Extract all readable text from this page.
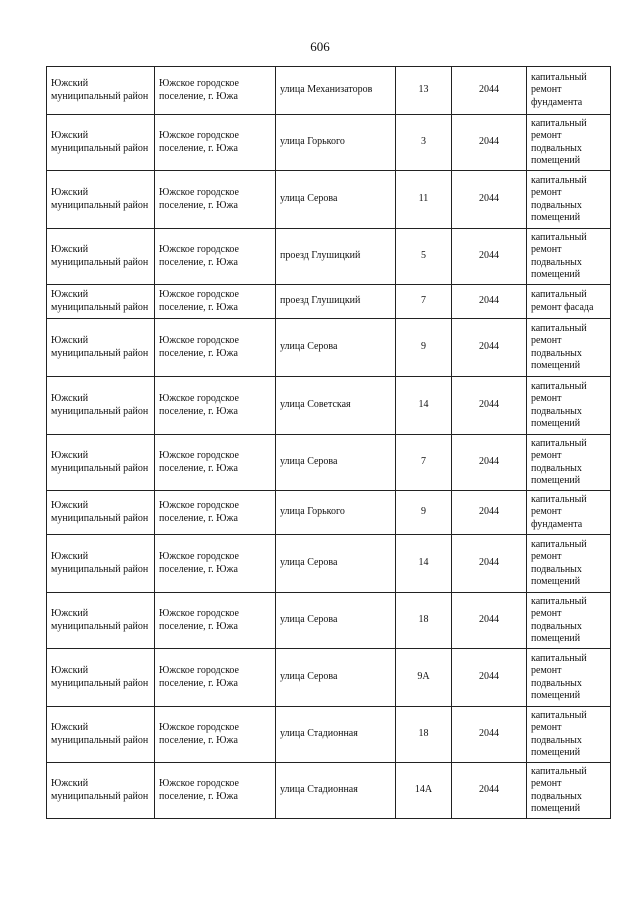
606
Южский муниципальный район	Южское городское поселение, г. Южа	улица Механизаторов	13	2044	капитальный ремонт фундамента
Южский муниципальный район	Южское городское поселение, г. Южа	улица Горького	3	2044	капитальный ремонт подвальных помещений
Южский муниципальный район	Южское городское поселение, г. Южа	улица Серова	11	2044	капитальный ремонт подвальных помещений
Южский муниципальный район	Южское городское поселение, г. Южа	проезд Глушицкий	5	2044	капитальный ремонт подвальных помещений
Южский муниципальный район	Южское городское поселение, г. Южа	проезд Глушицкий	7	2044	капитальный ремонт фасада
Южский муниципальный район	Южское городское поселение, г. Южа	улица Серова	9	2044	капитальный ремонт подвальных помещений
Южский муниципальный район	Южское городское поселение, г. Южа	улица Советская	14	2044	капитальный ремонт подвальных помещений
Южский муниципальный район	Южское городское поселение, г. Южа	улица Серова	7	2044	капитальный ремонт подвальных помещений
Южский муниципальный район	Южское городское поселение, г. Южа	улица Горького	9	2044	капитальный ремонт фундамента
Южский муниципальный район	Южское городское поселение, г. Южа	улица Серова	14	2044	капитальный ремонт подвальных помещений
Южский муниципальный район	Южское городское поселение, г. Южа	улица Серова	18	2044	капитальный ремонт подвальных помещений
Южский муниципальный район	Южское городское поселение, г. Южа	улица Серова	9А	2044	капитальный ремонт подвальных помещений
Южский муниципальный район	Южское городское поселение, г. Южа	улица Стадионная	18	2044	капитальный ремонт подвальных помещений
Южский муниципальный район	Южское городское поселение, г. Южа	улица Стадионная	14А	2044	капитальный ремонт подвальных помещений
